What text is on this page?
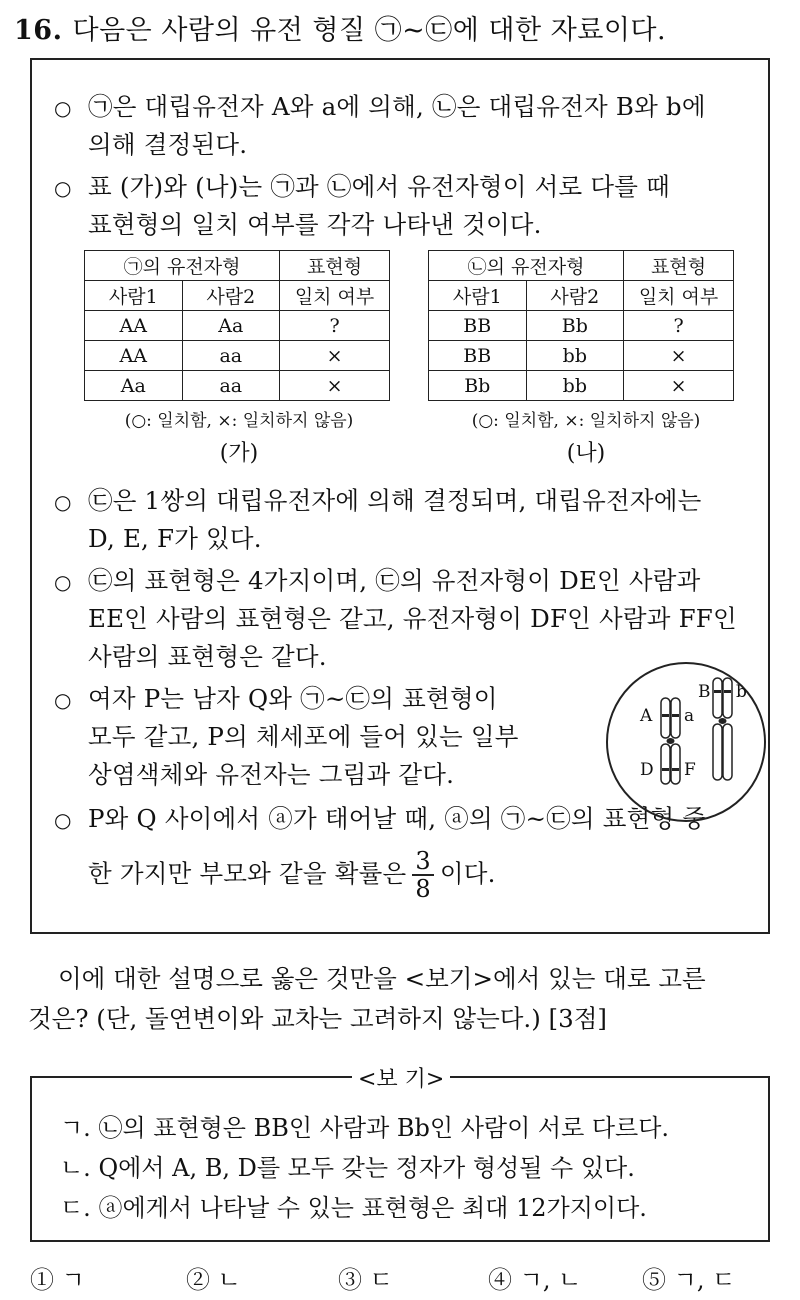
16. 다음은 사람의 유전 형질 ㉠~㉢에 대한 자료이다.
○ ㉠은 대립유전자 A와 a에 의해, ㉡은 대립유전자 B와 b에
의해 결정된다.
○ 표 (가)와 (나)는 ㉠과 ㉡에서 유전자형이 서로 다를 때
표현형의 일치 여부를 각각 나타낸 것이다.
㉠의 유전자형		표현형
사람1	사람2	일치 여부
AA	Aa	?
AA	aa	×
Aa	aa	×
(○: 일치함, ×: 일치하지 않음)
(가)
㉡의 유전자형		표현형
사람1	사람2	일치 여부
BB	Bb	?
BB	bb	×
Bb	bb	×
(○: 일치함, ×: 일치하지 않음)
(나)
○ ㉢은 1쌍의 대립유전자에 의해 결정되며, 대립유전자에는
D, E, F가 있다.
○ ㉢의 표현형은 4가지이며, ㉢의 유전자형이 DE인 사람과
EE인 사람의 표현형은 같고, 유전자형이 DF인 사람과 FF인
사람의 표현형은 같다.
○ 여자 P는 남자 Q와 ㉠~㉢의 표현형이
모두 같고, P의 체세포에 들어 있는 일부
상염색체와 유전자는 그림과 같다.
○ P와 Q 사이에서 ⓐ가 태어날 때, ⓐ의 ㉠~㉢의 표현형 중
한 가지만 부모와 같을 확률은 $\frac{3}{8}$ 이다.
A a
D F
B b
이에 대한 설명으로 옳은 것만을 <보기>에서 있는 대로 고른
것은? (단, 돌연변이와 교차는 고려하지 않는다.) [3점]
ㄱ. ㉡의 표현형은 BB인 사람과 Bb인 사람이 서로 다르다.
ㄴ. Q에서 A, B, D를 모두 갖는 정자가 형성될 수 있다.
ㄷ. ⓐ에게서 나타날 수 있는 표현형은 최대 12가지이다.
<보 기>
① ㄱ	② ㄴ	③ ㄷ	④ ㄱ, ㄴ	⑤ ㄱ, ㄷ
